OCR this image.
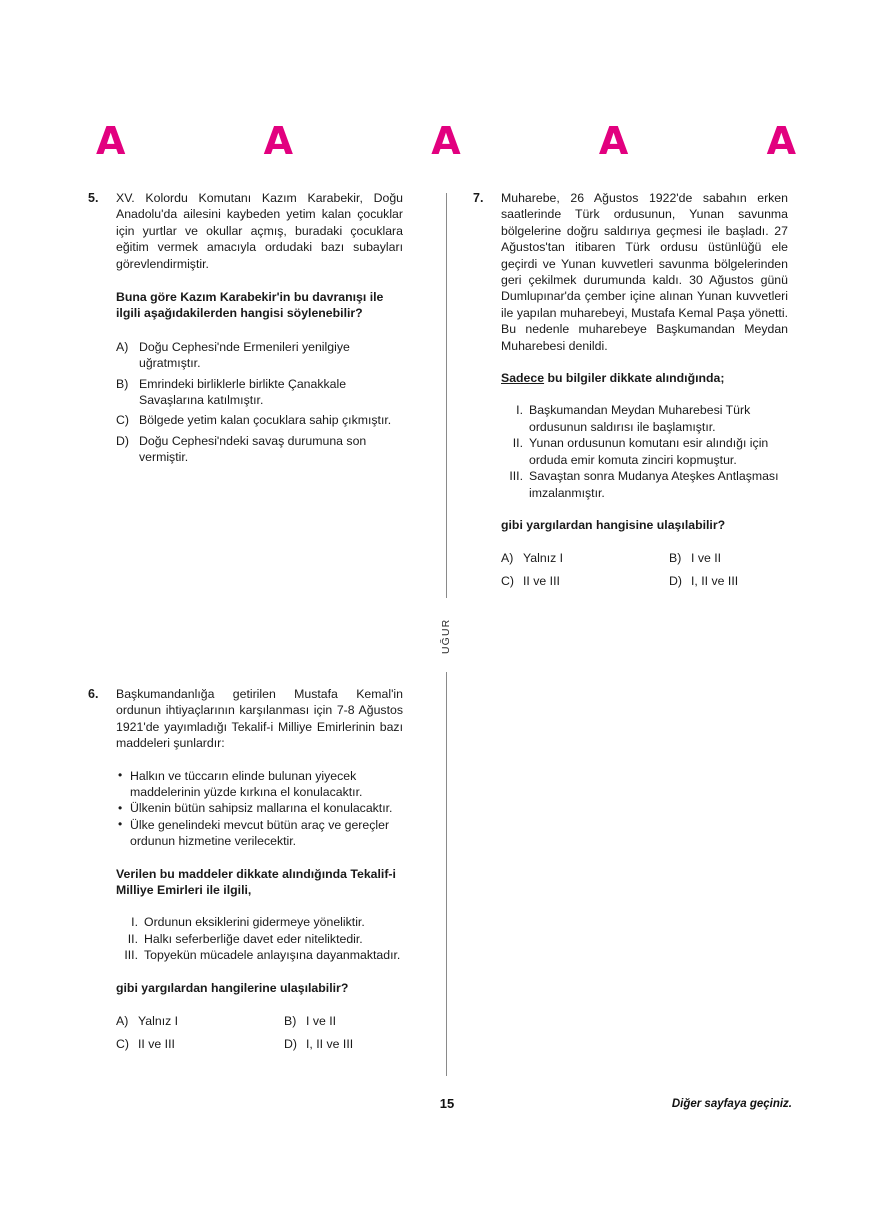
A	A	A	A	A
UĞUR
5.	XV. Kolordu Komutanı Kazım Karabekir, Doğu Anadolu'da ailesini kaybeden yetim kalan çocuklar için yurtlar ve okullar açmış, buradaki çocuklara eğitim vermek amacıyla ordudaki bazı subayları görevlendirmiştir.

Buna göre Kazım Karabekir'in bu davranışı ile ilgili aşağıdakilerden hangisi söylenebilir?

A) Doğu Cephesi'nde Ermenileri yenilgiye uğratmıştır.
B) Emrindeki birliklerle birlikte Çanakkale Savaşlarına katılmıştır.
C) Bölgede yetim kalan çocuklara sahip çıkmıştır.
D) Doğu Cephesi'ndeki savaş durumuna son vermiştir.
6.	Başkumandanlığa getirilen Mustafa Kemal'in ordunun ihtiyaçlarının karşılanması için 7-8 Ağustos 1921'de yayımladığı Tekalif-i Milliye Emirlerinin bazı maddeleri şunlardır:

• Halkın ve tüccarın elinde bulunan yiyecek maddelerinin yüzde kırkına el konulacaktır.
• Ülkenin bütün sahipsiz mallarına el konulacaktır.
• Ülke genelindeki mevcut bütün araç ve gereçler ordunun hizmetine verilecektir.

Verilen bu maddeler dikkate alındığında Tekalif-i Milliye Emirleri ile ilgili,

I. Ordunun eksiklerini gidermeye yöneliktir.
II. Halkı seferberliğe davet eder niteliktedir.
III. Topyekün mücadele anlayışına dayanmaktadır.

gibi yargılardan hangilerine ulaşılabilir?

A) Yalnız I	B) I ve II
C) II ve III	D) I, II ve III
7.	Muharebe, 26 Ağustos 1922'de sabahın erken saatlerinde Türk ordusunun, Yunan savunma bölgelerine doğru saldırıya geçmesi ile başladı. 27 Ağustos'tan itibaren Türk ordusu üstünlüğü ele geçirdi ve Yunan kuvvetleri savunma bölgelerinden geri çekilmek durumunda kaldı. 30 Ağustos günü Dumlupınar'da çember içine alınan Yunan kuvvetleri ile yapılan muharebeyi, Mustafa Kemal Paşa yönetti. Bu nedenle muharebeye Başkumandan Meydan Muharebesi denildi.

Sadece bu bilgiler dikkate alındığında;

I. Başkumandan Meydan Muharebesi Türk ordusunun saldırısı ile başlamıştır.
II. Yunan ordusunun komutanı esir alındığı için orduda emir komuta zinciri kopmuştur.
III. Savaştan sonra Mudanya Ateşkes Antlaşması imzalanmıştır.

gibi yargılardan hangisine ulaşılabilir?

A) Yalnız I	B) I ve II
C) II ve III	D) I, II ve III
15	Diğer sayfaya geçiniz.
